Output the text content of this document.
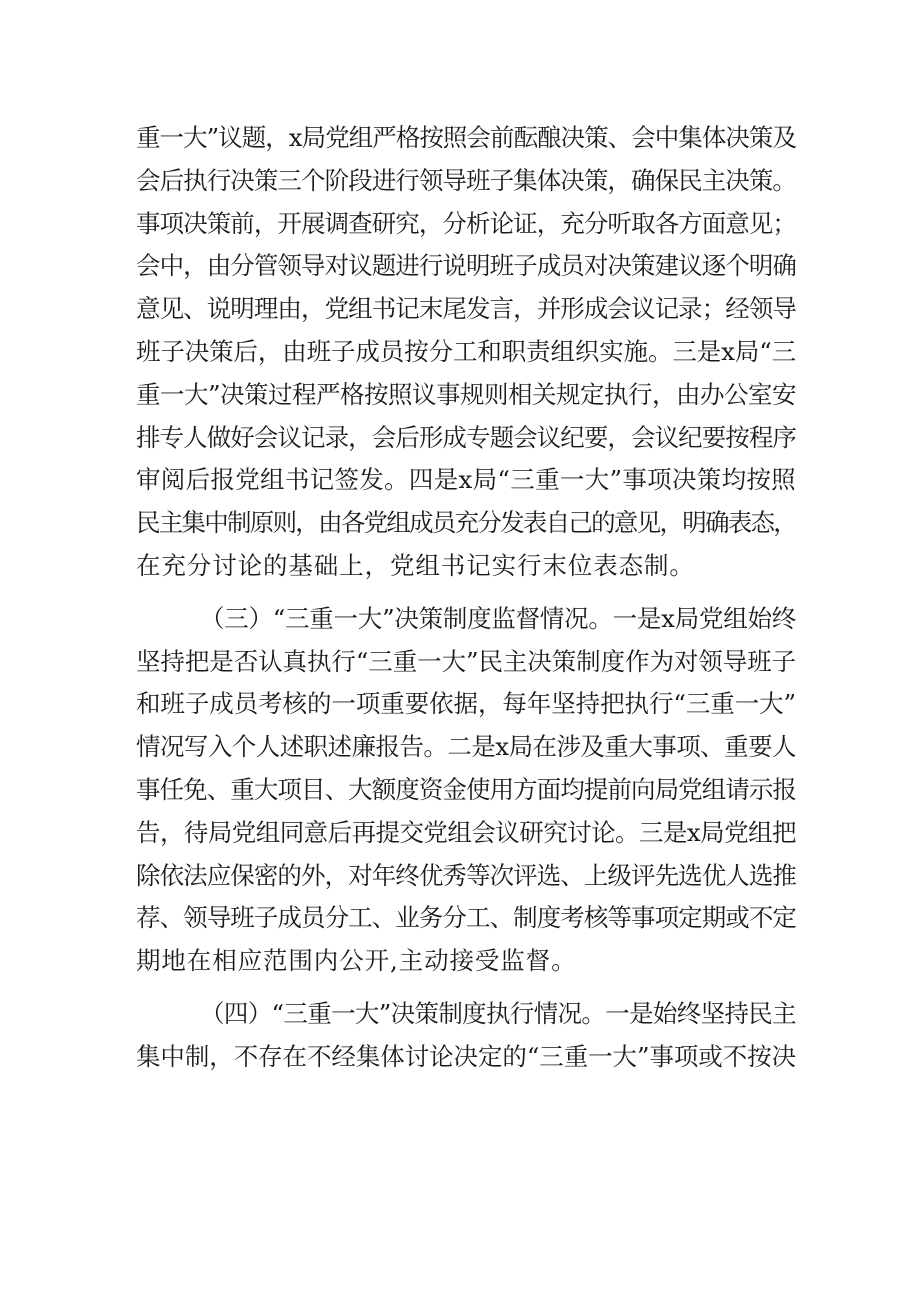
重一大”议题，x局党组严格按照会前酝酿决策、会中集体决策及
会后执行决策三个阶段进行领导班子集体决策，确保民主决策。
事项决策前，开展调查研究，分析论证，充分听取各方面意见；
会中，由分管领导对议题进行说明班子成员对决策建议逐个明确
意见、说明理由，党组书记末尾发言，并形成会议记录；经领导
班子决策后，由班子成员按分工和职责组织实施。三是x局“三
重一大”决策过程严格按照议事规则相关规定执行，由办公室安
排专人做好会议记录，会后形成专题会议纪要，会议纪要按程序
审阅后报党组书记签发。四是x局“三重一大”事项决策均按照
民主集中制原则，由各党组成员充分发表自己的意见，明确表态，
在充分讨论的基础上，党组书记实行末位表态制。
（三）“三重一大”决策制度监督情况。一是x局党组始终
坚持把是否认真执行“三重一大”民主决策制度作为对领导班子
和班子成员考核的一项重要依据，每年坚持把执行“三重一大”
情况写入个人述职述廉报告。二是x局在涉及重大事项、重要人
事任免、重大项目、大额度资金使用方面均提前向局党组请示报
告，待局党组同意后再提交党组会议研究讨论。三是x局党组把
除依法应保密的外，对年终优秀等次评选、上级评先选优人选推
荐、领导班子成员分工、业务分工、制度考核等事项定期或不定
期地在相应范围内公开,主动接受监督。
（四）“三重一大”决策制度执行情况。一是始终坚持民主
集中制，不存在不经集体讨论决定的“三重一大”事项或不按决
